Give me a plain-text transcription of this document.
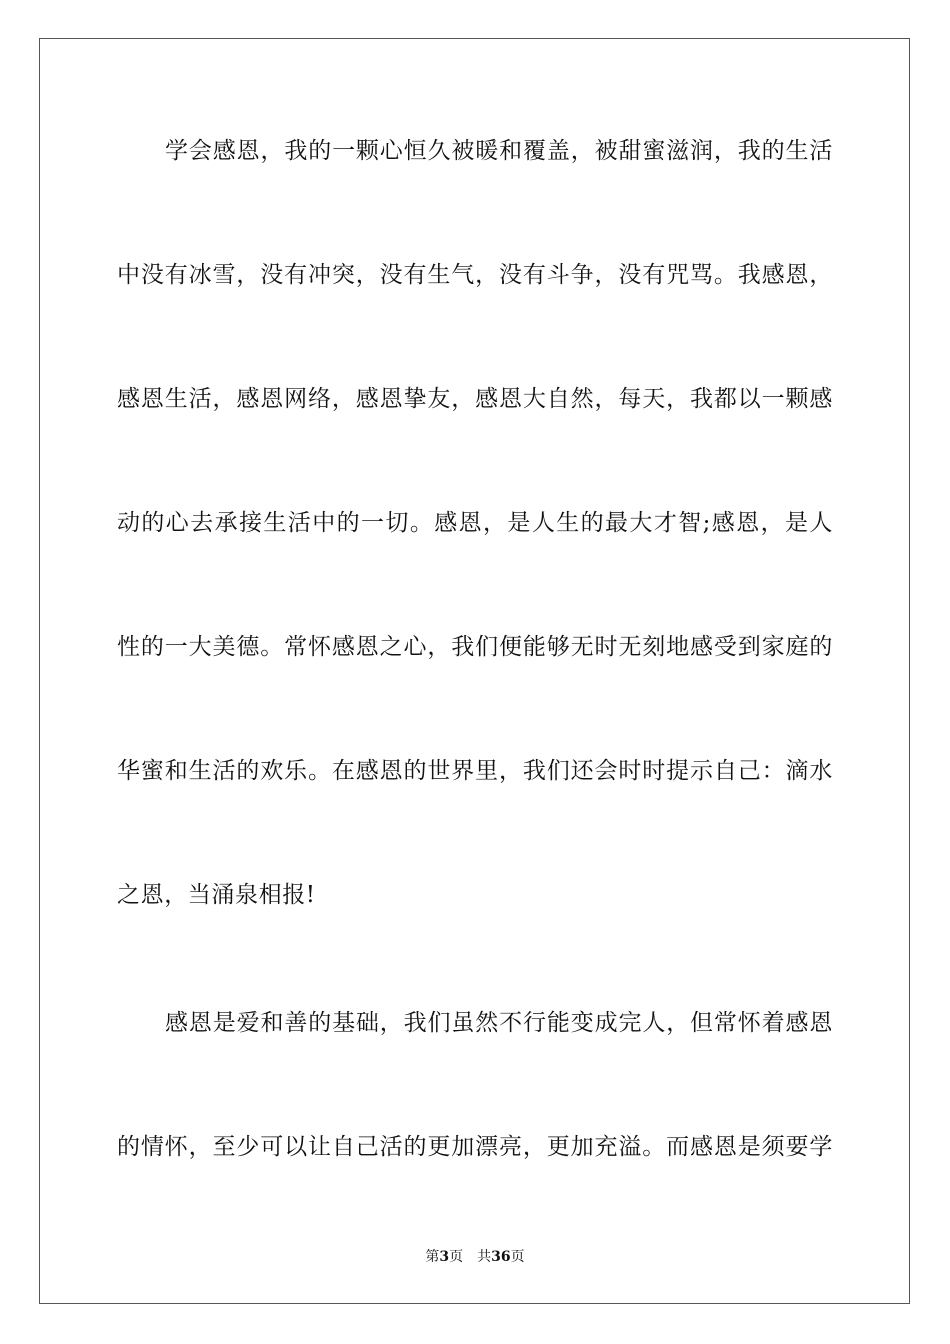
学会感恩，我的一颗心恒久被暖和覆盖，被甜蜜滋润，我的生活
中没有冰雪，没有冲突，没有生气，没有斗争，没有咒骂。我感恩，
感恩生活，感恩网络，感恩挚友，感恩大自然，每天，我都以一颗感
动的心去承接生活中的一切。感恩，是人生的最大才智;感恩，是人
性的一大美德。常怀感恩之心，我们便能够无时无刻地感受到家庭的
华蜜和生活的欢乐。在感恩的世界里，我们还会时时提示自己：滴水
之恩，当涌泉相报!
感恩是爱和善的基础，我们虽然不行能变成完人，但常怀着感恩
的情怀，至少可以让自己活的更加漂亮，更加充溢。而感恩是须要学
第3页 共36页
